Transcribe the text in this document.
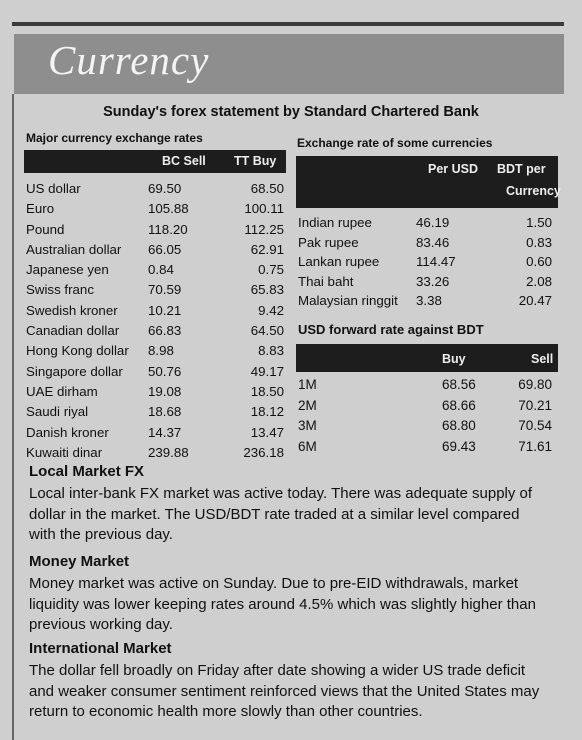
Currency
Sunday's forex statement by Standard Chartered Bank
Major currency exchange rates
BC Sell TT Buy
US dollar	69.50	68.50
Euro	105.88	100.11
Pound	118.20	112.25
Australian dollar 66.05	62.91
Japanese yen	0.84	0.75
Swiss franc	70.59	65.83
Swedish kroner 10.21	9.42
Canadian dollar 66.83	64.50
Hong Kong dollar 8.98	8.83
Singapore dollar 50.76	49.17
UAE dirham	19.08	18.50
Saudi riyal	18.68	18.12
Danish kroner	14.37	13.47
Kuwaiti dinar	239.88	236.18
Exchange rate of some currencies
Per USD BDT per
Currency
Indian rupee	46.19	1.50
Pak rupee	83.46	0.83
Lankan rupee	114.47	0.60
Thai baht	33.26	2.08
Malaysian ringgit 3.38	20.47
USD forward rate against BDT
Buy	Sell
1M	68.56	69.80
2M	68.66	70.21
3M	68.80	70.54
6M	69.43	71.61
Local Market FX
Local inter-bank FX market was active today. There was adequate supply of
dollar in the market. The USD/BDT rate traded at a similar level compared
with the previous day.
Money Market
Money market was active on Sunday. Due to pre-EID withdrawals, market
liquidity was lower keeping rates around 4.5% which was slightly higher than
previous working day.
International Market
The dollar fell broadly on Friday after date showing a wider US trade deficit
and weaker consumer sentiment reinforced views that the United States may
return to economic health more slowly than other countries.
